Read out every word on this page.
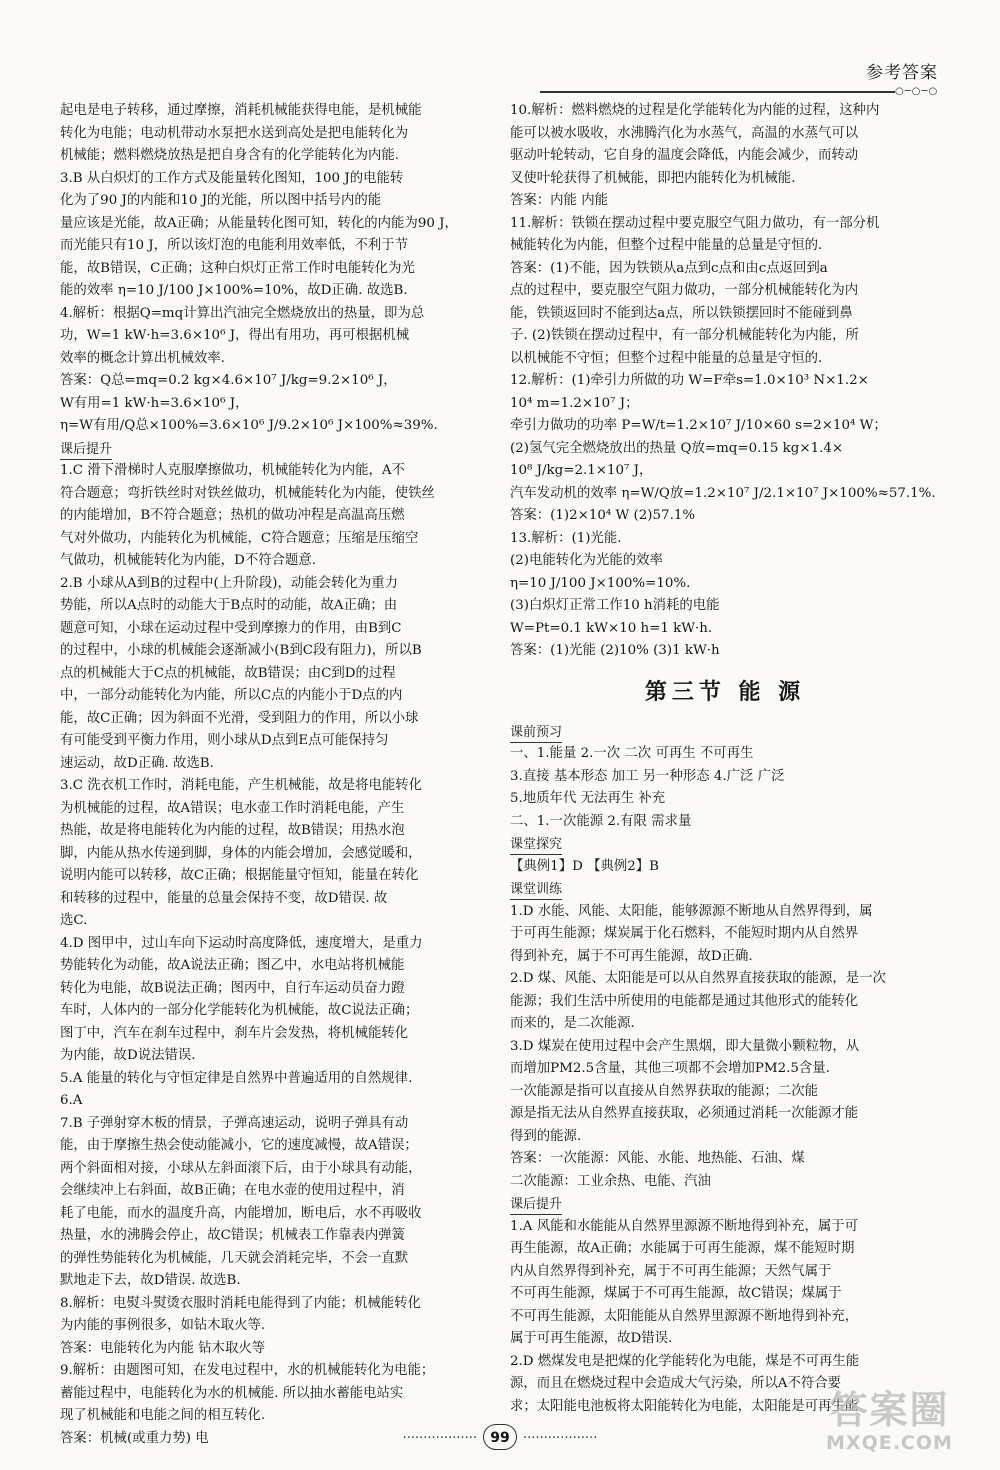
参考答案
○─○─○
起电是电子转移，通过摩擦，消耗机械能获得电能，是机械能
转化为电能；电动机带动水泵把水送到高处是把电能转化为
机械能；燃料燃烧放热是把自身含有的化学能转化为内能.
3.B 从白炽灯的工作方式及能量转化图知，100 J的电能转
化为了90 J的内能和10 J的光能，所以图中括号内的能
量应该是光能，故A正确；从能量转化图可知，转化的内能为90 J，
而光能只有10 J，所以该灯泡的电能利用效率低，不利于节
能，故B错误，C正确；这种白炽灯正常工作时电能转化为光
能的效率 η=10 J/100 J×100%=10%，故D正确. 故选B.
4.解析：根据Q=mq计算出汽油完全燃烧放出的热量，即为总
功，W=1 kW·h=3.6×10⁶ J，得出有用功，再可根据机械
效率的概念计算出机械效率.
答案：Q总=mq=0.2 kg×4.6×10⁷ J/kg=9.2×10⁶ J，
W有用=1 kW·h=3.6×10⁶ J，
η=W有用/Q总×100%=3.6×10⁶ J/9.2×10⁶ J×100%≈39%.
课后提升
1.C 滑下滑梯时人克服摩擦做功，机械能转化为内能，A不
符合题意；弯折铁丝时对铁丝做功，机械能转化为内能，使铁丝
的内能增加，B不符合题意；热机的做功冲程是高温高压燃
气对外做功，内能转化为机械能，C符合题意；压缩是压缩空
气做功，机械能转化为内能，D不符合题意.
2.B 小球从A到B的过程中(上升阶段)，动能会转化为重力
势能，所以A点时的动能大于B点时的动能，故A正确；由
题意可知，小球在运动过程中受到摩擦力的作用，由B到C
的过程中，小球的机械能会逐渐减小(B到C段有阻力)，所以B
点的机械能大于C点的机械能，故B错误；由C到D的过程
中，一部分动能转化为内能，所以C点的内能小于D点的内
能，故C正确；因为斜面不光滑，受到阻力的作用，所以小球
有可能受到平衡力作用，则小球从D点到E点可能保持匀
速运动，故D正确. 故选B.
3.C 洗衣机工作时，消耗电能，产生机械能，故是将电能转化
为机械能的过程，故A错误；电水壶工作时消耗电能，产生
热能，故是将电能转化为内能的过程，故B错误；用热水泡
脚，内能从热水传递到脚，身体的内能会增加，会感觉暖和，
说明内能可以转移，故C正确；根据能量守恒知，能量在转化
和转移的过程中，能量的总量会保持不变，故D错误. 故
选C.
4.D 图甲中，过山车向下运动时高度降低，速度增大，是重力
势能转化为动能，故A说法正确；图乙中，水电站将机械能
转化为电能，故B说法正确；图丙中，自行车运动员奋力蹬
车时，人体内的一部分化学能转化为机械能，故C说法正确；
图丁中，汽车在刹车过程中，刹车片会发热，将机械能转化
为内能，故D说法错误.
5.A 能量的转化与守恒定律是自然界中普遍适用的自然规律.
6.A
7.B 子弹射穿木板的情景，子弹高速运动，说明子弹具有动
能，由于摩擦生热会使动能减小，它的速度减慢，故A错误；
两个斜面相对接，小球从左斜面滚下后，由于小球具有动能，
会继续冲上右斜面，故B正确；在电水壶的使用过程中，消
耗了电能，而水的温度升高，内能增加，断电后，水不再吸收
热量，水的沸腾会停止，故C错误；机械表工作靠表内弹簧
的弹性势能转化为机械能，几天就会消耗完毕，不会一直默
默地走下去，故D错误. 故选B.
8.解析：电熨斗熨烫衣服时消耗电能得到了内能；机械能转化
为内能的事例很多，如钻木取火等.
答案：电能转化为内能 钻木取火等
9.解析：由题图可知，在发电过程中，水的机械能转化为电能；
蓄能过程中，电能转化为水的机械能. 所以抽水蓄能电站实
现了机械能和电能之间的相互转化.
答案：机械(或重力势) 电
10.解析：燃料燃烧的过程是化学能转化为内能的过程，这种内
能可以被水吸收，水沸腾汽化为水蒸气，高温的水蒸气可以
驱动叶轮转动，它自身的温度会降低，内能会减少，而转动
叉使叶轮获得了机械能，即把内能转化为机械能.
答案：内能 内能
11.解析：铁锁在摆动过程中要克服空气阻力做功，有一部分机
械能转化为内能，但整个过程中能量的总量是守恒的.
答案：(1)不能，因为铁锁从a点到c点和由c点返回到a
点的过程中，要克服空气阻力做功，一部分机械能转化为内
能，铁锁返回时不能到达a点，所以铁锁摆回时不能碰到鼻
子. (2)铁锁在摆动过程中，有一部分机械能转化为内能，所
以机械能不守恒；但整个过程中能量的总量是守恒的.
12.解析：(1)牵引力所做的功 W=F牵s=1.0×10³ N×1.2×
10⁴ m=1.2×10⁷ J；
牵引力做功的功率 P=W/t=1.2×10⁷ J/10×60 s=2×10⁴ W；
(2)氢气完全燃烧放出的热量 Q放=mq=0.15 kg×1.4×
10⁸ J/kg=2.1×10⁷ J，
汽车发动机的效率 η=W/Q放=1.2×10⁷ J/2.1×10⁷ J×100%≈57.1%.
答案：(1)2×10⁴ W (2)57.1%
13.解析：(1)光能.
(2)电能转化为光能的效率
η=10 J/100 J×100%=10%.
(3)白炽灯正常工作10 h消耗的电能
W=Pt=0.1 kW×10 h=1 kW·h.
答案：(1)光能 (2)10% (3)1 kW·h
第三节 能 源
课前预习
一、1.能量 2.一次 二次 可再生 不可再生
3.直接 基本形态 加工 另一种形态 4.广泛 广泛
5.地质年代 无法再生 补充
二、1.一次能源 2.有限 需求量
课堂探究
【典例1】D 【典例2】B
课堂训练
1.D 水能、风能、太阳能，能够源源不断地从自然界得到，属
于可再生能源；煤炭属于化石燃料，不能短时期内从自然界
得到补充，属于不可再生能源，故D正确.
2.D 煤、风能、太阳能是可以从自然界直接获取的能源，是一次
能源；我们生活中所使用的电能都是通过其他形式的能转化
而来的，是二次能源.
3.D 煤炭在使用过程中会产生黑烟，即大量微小颗粒物，从
而增加PM2.5含量，其他三项都不会增加PM2.5含量.
一次能源是指可以直接从自然界获取的能源；二次能
源是指无法从自然界直接获取，必须通过消耗一次能源才能
得到的能源.
答案：一次能源：风能、水能、地热能、石油、煤
二次能源：工业余热、电能、汽油
课后提升
1.A 风能和水能能从自然界里源源不断地得到补充，属于可
再生能源，故A正确；水能属于可再生能源，煤不能短时期
内从自然界得到补充，属于不可再生能源；天然气属于
不可再生能源，煤属于不可再生能源，故C错误；煤属于
不可再生能源，太阳能能从自然界里源源不断地得到补充，
属于可再生能源，故D错误.
2.D 燃煤发电是把煤的化学能转化为电能，煤是不可再生能
源，而且在燃烧过程中会造成大气污染，所以A不符合要
求；太阳能电池板将太阳能转化为电能，太阳能是可再生能
·················· 99 ··················
答案圈
MXQE.COM
